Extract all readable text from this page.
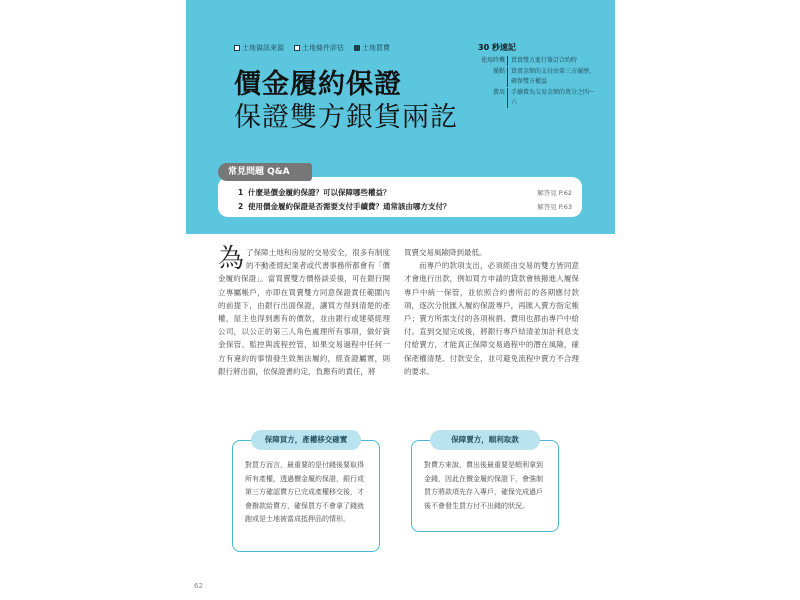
土地資訊來源	土地條件評估	土地買賣
價金履約保證
保證雙方銀貨兩訖
30 秒速記
使用時機	買賣雙方進行簽訂合約時
優點	買賣金額的支付由第三方履歷，確保雙方權益
費用	手續費為交易金額的萬分之四～六
常見問題 Q&A
1 什麼是價金履約保證？可以保障哪些權益？	解答見 P.62
2 使用價金履約保證是否需要支付手續費？通常該由哪方支付？	解答見 P.63

為了保障土地和房屋的交易安全，很多有制度的不動產經紀業者或代書事務所都會有「價金履約保證」。當買賣雙方價格談妥後，可在銀行開立專屬帳戶，亦即在買賣雙方同意保證責任範圍內的前提下，由銀行出面保證，讓買方得到清楚的產權，屋主也得到應有的價款，並由銀行或建築經理公司，以公正的第三人角色處理所有事項，做好資金保管、監控與流程控管，如果交易過程中任何一方有違約的事情發生致無法履約，經查證屬實，則銀行將出面，依保證書約定，負應有的責任，將

買賣交易風險降到最低。

而專戶的款項支出，必須經由交易的雙方皆同意才會進行出款，例如買方申請的貸款會核撥進入履保專戶中統一保管，並依照合約書所訂的各期應付款項，逐次分批匯入履約保證專戶，再匯入賣方指定帳戶；賣方所需支付的各項稅捐、費用也都由專戶中給付。直到交屋完成後，將銀行專戶結清並加計利息支付給賣方，才能真正保障交易過程中的潛在風險，確保產權清楚、付款安全，並可避免流程中賣方不合理的要求。

保障買方，產權移交確實
對買方而言，最重要的是付錢後要取得所有產權，透過價金履約保證，銀行或第三方確認賣方已完成產權移交後，才會撥款給賣方，確保買方不會拿了錢就跑或是土地被當成抵押品的情形。
保障賣方，順利取款
對賣方來說，賣出後最重要是順利拿到金錢，因此在價金履約保證下，會強制買方將款項先存入專戶，確保完成過戶後不會發生買方付不出錢的狀況。
62
